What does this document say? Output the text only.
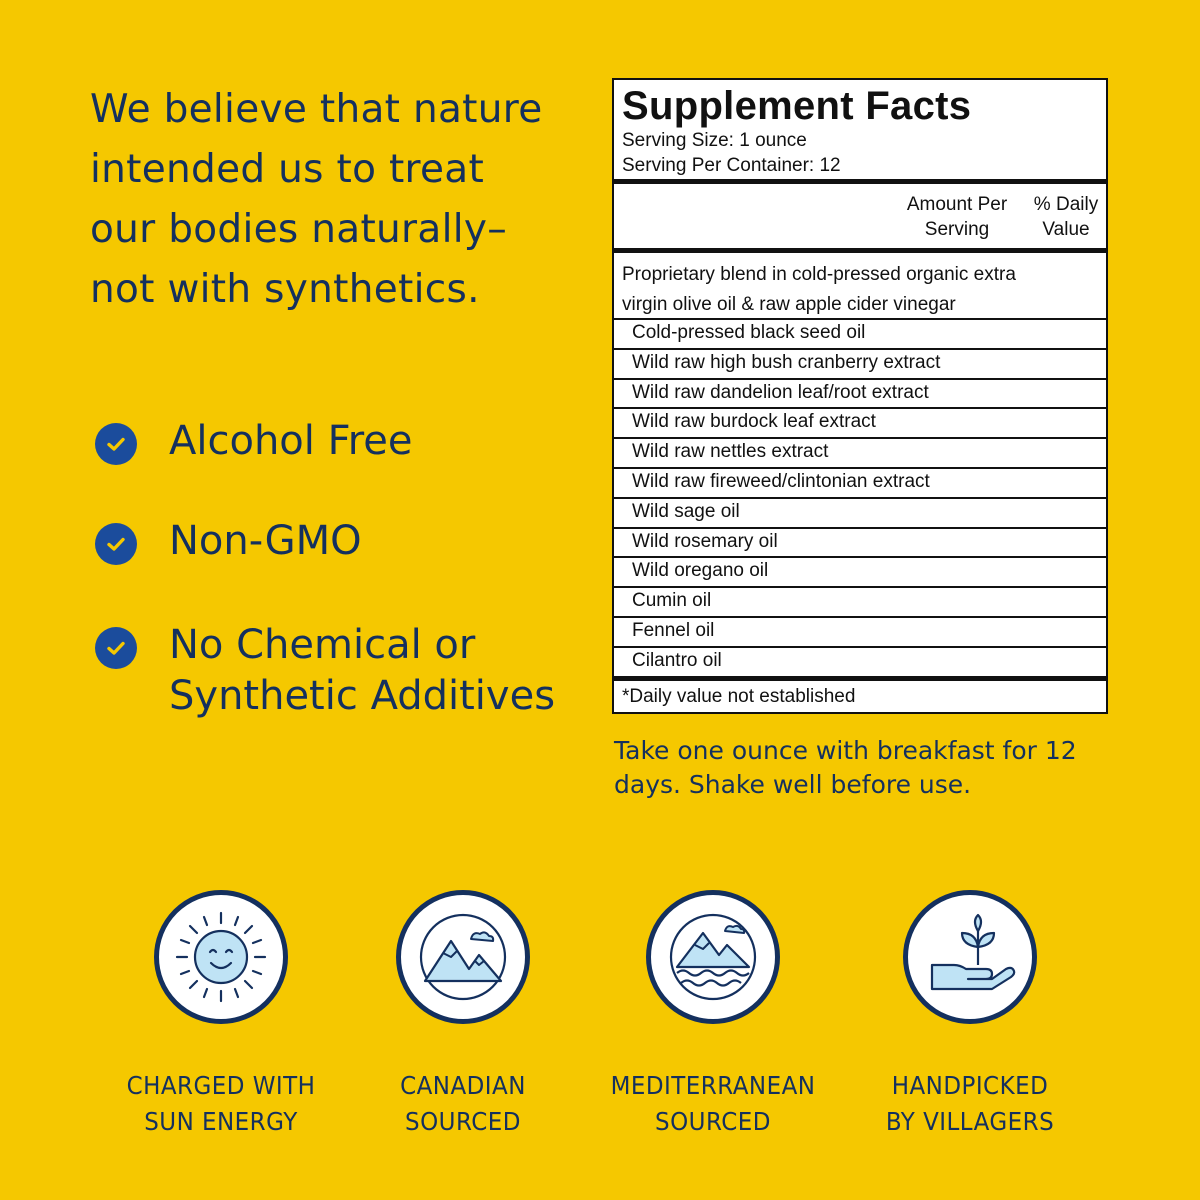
We believe that nature
intended us to treat
our bodies naturally–
not with synthetics.
Alcohol Free
Non-GMO
No Chemical or
Synthetic Additives
Supplement Facts
Serving Size: 1 ounce
Serving Per Container: 12
Amount Per
Serving
% Daily
Value
Proprietary blend in cold-pressed organic extra
virgin olive oil & raw apple cider vinegar
Cold-pressed black seed oil
Wild raw high bush cranberry extract
Wild raw dandelion leaf/root extract
Wild raw burdock leaf extract
Wild raw nettles extract
Wild raw fireweed/clintonian extract
Wild sage oil
Wild rosemary oil
Wild oregano oil
Cumin oil
Fennel oil
Cilantro oil
*Daily value not established
Take one ounce with breakfast for 12 days. Shake well before use.
CHARGED WITH
SUN ENERGY
CANADIAN
SOURCED
MEDITERRANEAN
SOURCED
HANDPICKED
BY VILLAGERS
